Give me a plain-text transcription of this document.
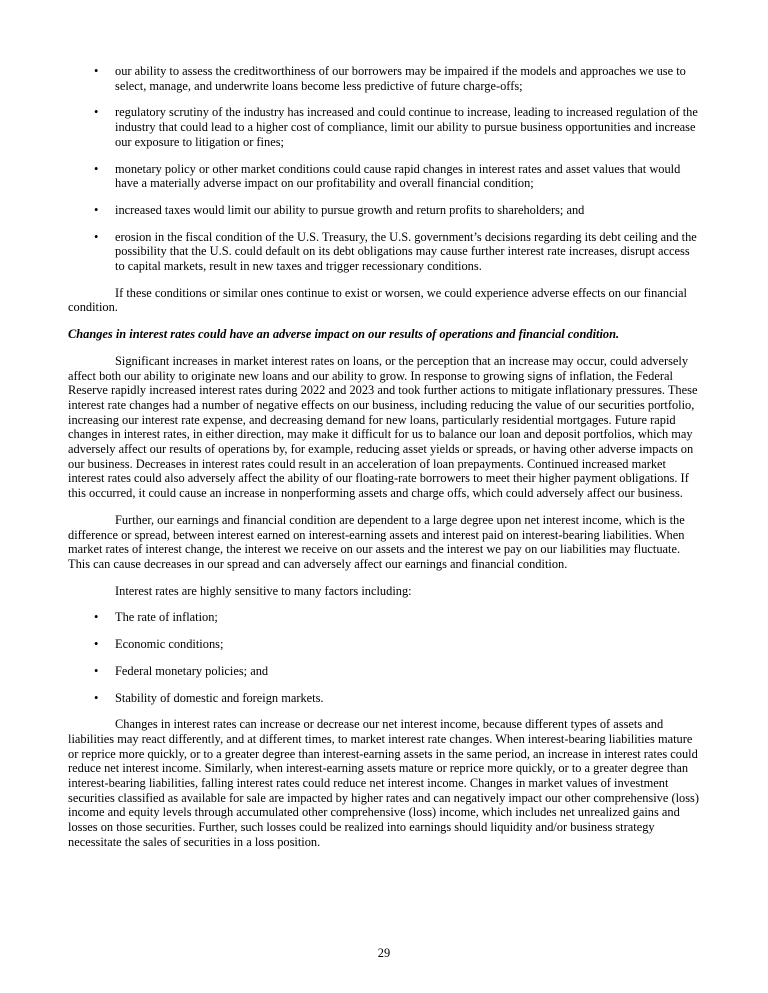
•	our ability to assess the creditworthiness of our borrowers may be impaired if the models and approaches we use to select, manage, and underwrite loans become less predictive of future charge-offs;
•	regulatory scrutiny of the industry has increased and could continue to increase, leading to increased regulation of the industry that could lead to a higher cost of compliance, limit our ability to pursue business opportunities and increase our exposure to litigation or fines;
•	monetary policy or other market conditions could cause rapid changes in interest rates and asset values that would have a materially adverse impact on our profitability and overall financial condition;
•	increased taxes would limit our ability to pursue growth and return profits to shareholders; and
•	erosion in the fiscal condition of the U.S. Treasury, the U.S. government’s decisions regarding its debt ceiling and the possibility that the U.S. could default on its debt obligations may cause further interest rate increases, disrupt access to capital markets, result in new taxes and trigger recessionary conditions.

If these conditions or similar ones continue to exist or worsen, we could experience adverse effects on our financial condition.

Changes in interest rates could have an adverse impact on our results of operations and financial condition.

Significant increases in market interest rates on loans, or the perception that an increase may occur, could adversely affect both our ability to originate new loans and our ability to grow. In response to growing signs of inflation, the Federal Reserve rapidly increased interest rates during 2022 and 2023 and took further actions to mitigate inflationary pressures. These interest rate changes had a number of negative effects on our business, including reducing the value of our securities portfolio, increasing our interest rate expense, and decreasing demand for new loans, particularly residential mortgages. Future rapid changes in interest rates, in either direction, may make it difficult for us to balance our loan and deposit portfolios, which may adversely affect our results of operations by, for example, reducing asset yields or spreads, or having other adverse impacts on our business. Decreases in interest rates could result in an acceleration of loan prepayments. Continued increased market interest rates could also adversely affect the ability of our floating-rate borrowers to meet their higher payment obligations. If this occurred, it could cause an increase in nonperforming assets and charge offs, which could adversely affect our business.

Further, our earnings and financial condition are dependent to a large degree upon net interest income, which is the difference or spread, between interest earned on interest-earning assets and interest paid on interest-bearing liabilities. When market rates of interest change, the interest we receive on our assets and the interest we pay on our liabilities may fluctuate. This can cause decreases in our spread and can adversely affect our earnings and financial condition.

Interest rates are highly sensitive to many factors including:

•	The rate of inflation;
•	Economic conditions;
•	Federal monetary policies; and
•	Stability of domestic and foreign markets.

Changes in interest rates can increase or decrease our net interest income, because different types of assets and liabilities may react differently, and at different times, to market interest rate changes. When interest-bearing liabilities mature or reprice more quickly, or to a greater degree than interest-earning assets in the same period, an increase in interest rates could reduce net interest income. Similarly, when interest-earning assets mature or reprice more quickly, or to a greater degree than interest-bearing liabilities, falling interest rates could reduce net interest income. Changes in market values of investment securities classified as available for sale are impacted by higher rates and can negatively impact our other comprehensive (loss) income and equity levels through accumulated other comprehensive (loss) income, which includes net unrealized gains and losses on those securities. Further, such losses could be realized into earnings should liquidity and/or business strategy necessitate the sales of securities in a loss position.

29
